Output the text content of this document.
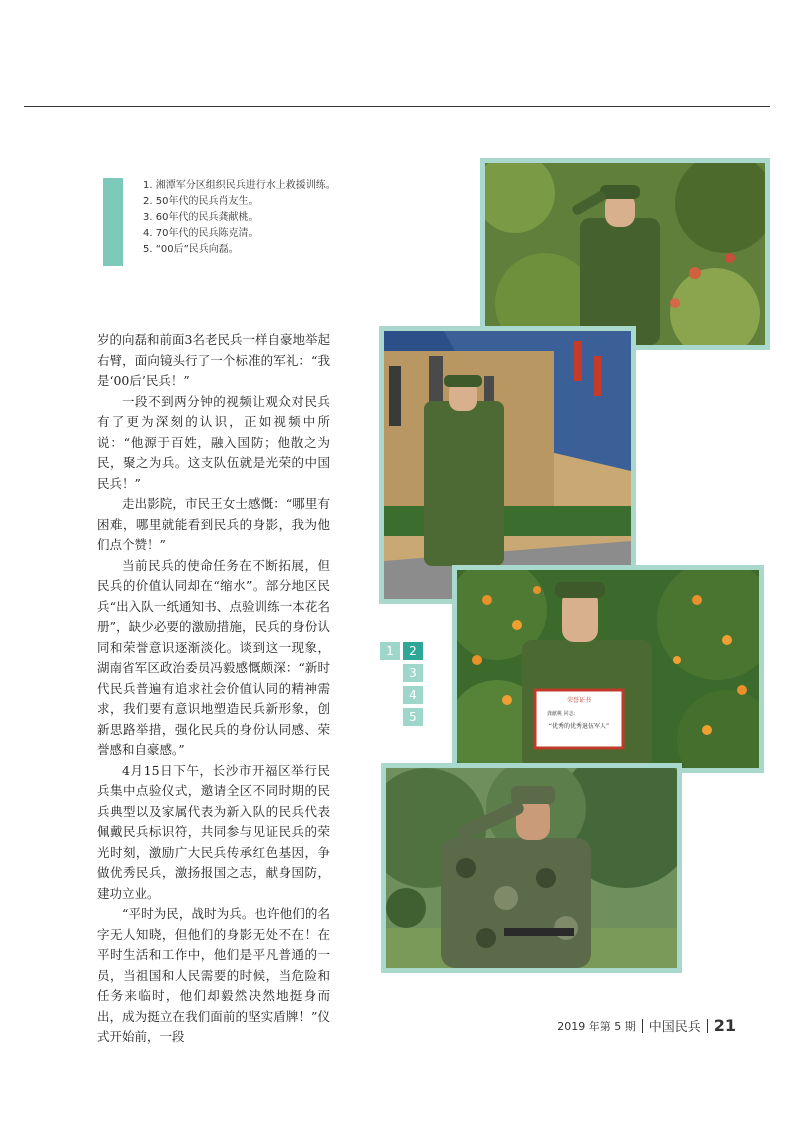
1. 湘潭军分区组织民兵进行水上救援训练。
2. 50年代的民兵肖友生。
3. 60年代的民兵龚献桃。
4. 70年代的民兵陈克清。
5. “00后”民兵向磊。

岁的向磊和前面3名老民兵一样自豪地举起右臂，面向镜头行了一个标准的军礼：“我是‘00后’民兵！”

一段不到两分钟的视频让观众对民兵有了更为深刻的认识，正如视频中所说：“他源于百姓，融入国防；他散之为民，聚之为兵。这支队伍就是光荣的中国民兵！”

走出影院，市民王女士感慨：“哪里有困难，哪里就能看到民兵的身影，我为他们点个赞！”

当前民兵的使命任务在不断拓展，但民兵的价值认同却在“缩水”。部分地区民兵“出入队一纸通知书、点验训练一本花名册”，缺少必要的激励措施，民兵的身份认同和荣誉意识逐渐淡化。谈到这一现象，湖南省军区政治委员冯毅感慨颇深：“新时代民兵普遍有追求社会价值认同的精神需求，我们要有意识地塑造民兵新形象，创新思路举措，强化民兵的身份认同感、荣誉感和自豪感。”

4月15日下午，长沙市开福区举行民兵集中点验仪式，邀请全区不同时期的民兵典型以及家属代表为新入队的民兵代表佩戴民兵标识符，共同参与见证民兵的荣光时刻，激励广大民兵传承红色基因，争做优秀民兵，激扬报国之志，献身国防，建功立业。

“平时为民，战时为兵。也许他们的名字无人知晓，但他们的身影无处不在！在平时生活和工作中，他们是平凡普通的一员，当祖国和人民需要的时候，当危险和任务来临时，他们却毅然决然地挺身而出，成为挺立在我们面前的坚实盾牌！”仪式开始前，一段

荣誉证书
龚献桃 同志：
“优秀的优秀退伍军人”
1	2
3
4
5
2019 年第 5 期 中国民兵 21
